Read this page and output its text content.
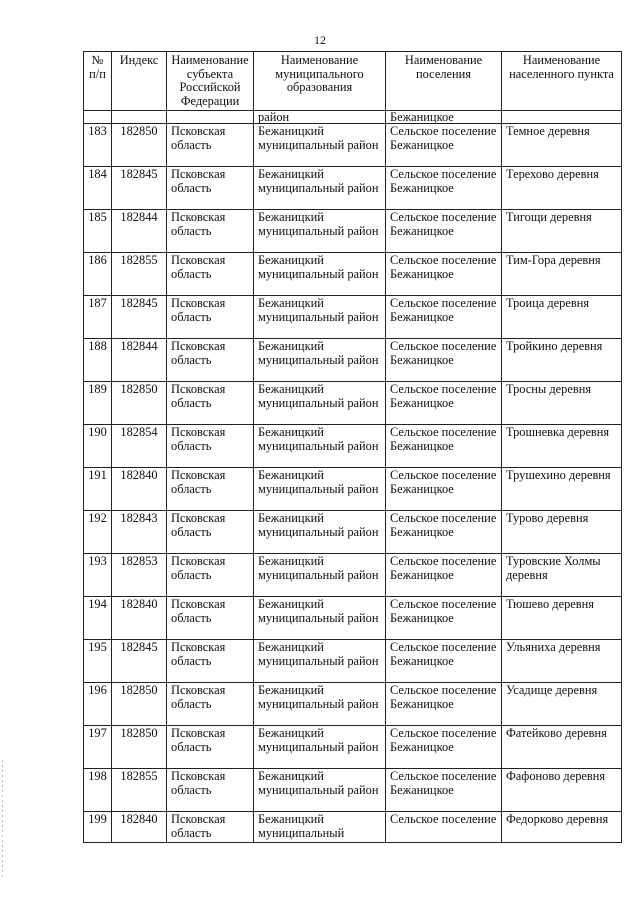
12
№ п/п	Индекс	Наименование субъекта Российской Федерации	Наименование муниципального образования	Наименование поселения	Наименование населенного пункта
			район	Бежаницкое	
183	182850	Псковская область	Бежаницкий муниципальный район	Сельское поселение Бежаницкое	Темное деревня
184	182845	Псковская область	Бежаницкий муниципальный район	Сельское поселение Бежаницкое	Терехово деревня
185	182844	Псковская область	Бежаницкий муниципальный район	Сельское поселение Бежаницкое	Тигощи деревня
186	182855	Псковская область	Бежаницкий муниципальный район	Сельское поселение Бежаницкое	Тим-Гора деревня
187	182845	Псковская область	Бежаницкий муниципальный район	Сельское поселение Бежаницкое	Троица деревня
188	182844	Псковская область	Бежаницкий муниципальный район	Сельское поселение Бежаницкое	Тройкино деревня
189	182850	Псковская область	Бежаницкий муниципальный район	Сельское поселение Бежаницкое	Тросны деревня
190	182854	Псковская область	Бежаницкий муниципальный район	Сельское поселение Бежаницкое	Трошневка деревня
191	182840	Псковская область	Бежаницкий муниципальный район	Сельское поселение Бежаницкое	Трушехино деревня
192	182843	Псковская область	Бежаницкий муниципальный район	Сельское поселение Бежаницкое	Турово деревня
193	182853	Псковская область	Бежаницкий муниципальный район	Сельское поселение Бежаницкое	Туровские Холмы деревня
194	182840	Псковская область	Бежаницкий муниципальный район	Сельское поселение Бежаницкое	Тюшево деревня
195	182845	Псковская область	Бежаницкий муниципальный район	Сельское поселение Бежаницкое	Ульяниха деревня
196	182850	Псковская область	Бежаницкий муниципальный район	Сельское поселение Бежаницкое	Усадище деревня
197	182850	Псковская область	Бежаницкий муниципальный район	Сельское поселение Бежаницкое	Фатейково деревня
198	182855	Псковская область	Бежаницкий муниципальный район	Сельское поселение Бежаницкое	Фафоново деревня
199	182840	Псковская область	Бежаницкий муниципальный	Сельское поселение	Федорково деревня
